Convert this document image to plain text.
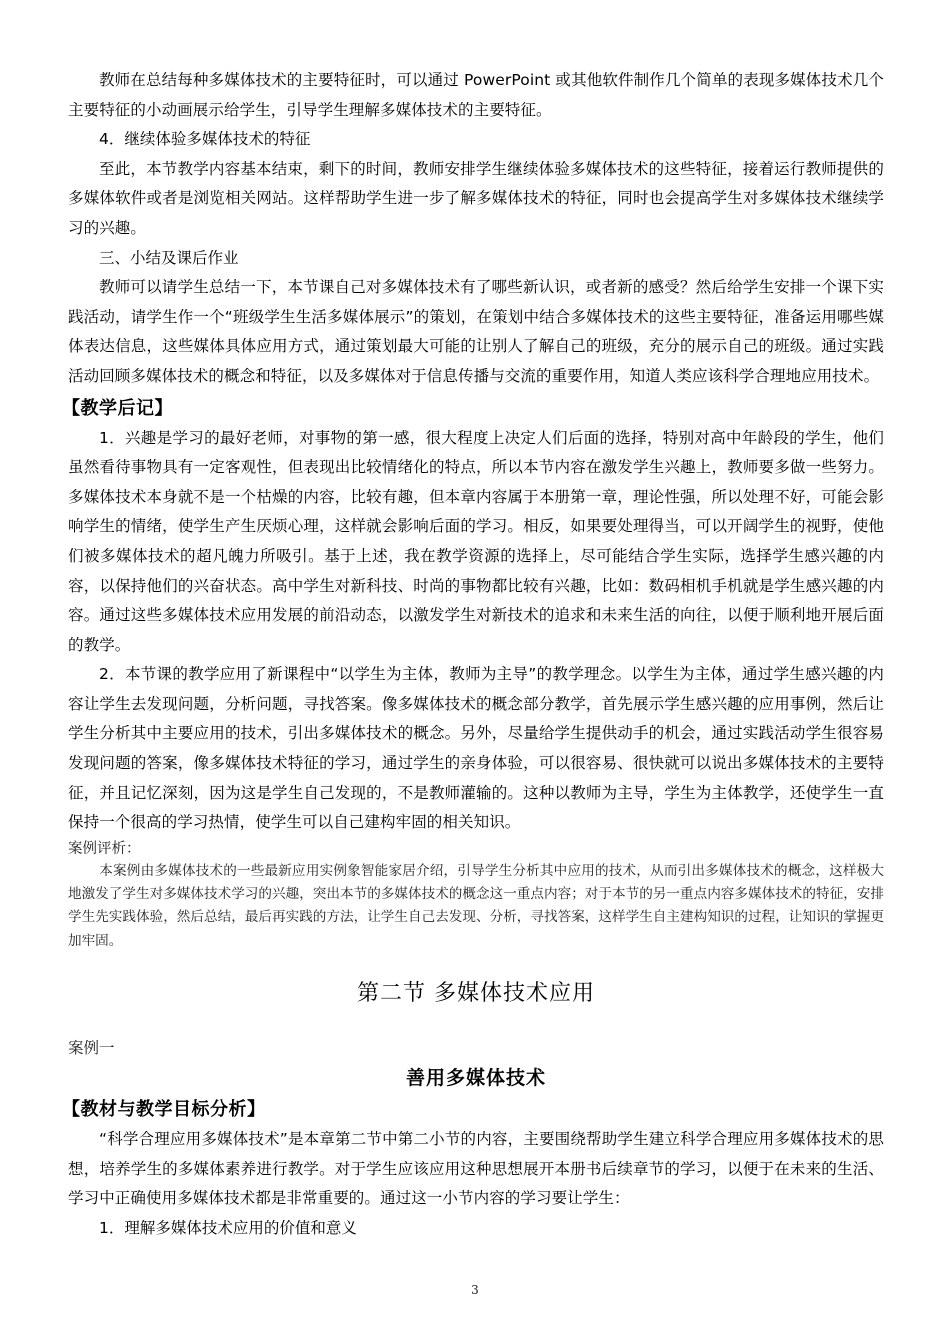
教师在总结每种多媒体技术的主要特征时，可以通过 PowerPoint 或其他软件制作几个简单的表现多媒体技术几个主要特征的小动画展示给学生，引导学生理解多媒体技术的主要特征。

4．继续体验多媒体技术的特征

至此，本节教学内容基本结束，剩下的时间，教师安排学生继续体验多媒体技术的这些特征，接着运行教师提供的多媒体软件或者是浏览相关网站。这样帮助学生进一步了解多媒体技术的特征，同时也会提高学生对多媒体技术继续学习的兴趣。

三、小结及课后作业

教师可以请学生总结一下，本节课自己对多媒体技术有了哪些新认识，或者新的感受？然后给学生安排一个课下实践活动，请学生作一个“班级学生生活多媒体展示”的策划，在策划中结合多媒体技术的这些主要特征，准备运用哪些媒体表达信息，这些媒体具体应用方式，通过策划最大可能的让别人了解自己的班级，充分的展示自己的班级。通过实践活动回顾多媒体技术的概念和特征，以及多媒体对于信息传播与交流的重要作用，知道人类应该科学合理地应用技术。

【教学后记】

1．兴趣是学习的最好老师，对事物的第一感，很大程度上决定人们后面的选择，特别对高中年龄段的学生，他们虽然看待事物具有一定客观性，但表现出比较情绪化的特点，所以本节内容在激发学生兴趣上，教师要多做一些努力。多媒体技术本身就不是一个枯燥的内容，比较有趣，但本章内容属于本册第一章，理论性强，所以处理不好，可能会影响学生的情绪，使学生产生厌烦心理，这样就会影响后面的学习。相反，如果要处理得当，可以开阔学生的视野，使他们被多媒体技术的超凡魄力所吸引。基于上述，我在教学资源的选择上，尽可能结合学生实际，选择学生感兴趣的内容，以保持他们的兴奋状态。高中学生对新科技、时尚的事物都比较有兴趣，比如：数码相机手机就是学生感兴趣的内容。通过这些多媒体技术应用发展的前沿动态，以激发学生对新技术的追求和未来生活的向往，以便于顺利地开展后面的教学。

2．本节课的教学应用了新课程中“以学生为主体，教师为主导”的教学理念。以学生为主体，通过学生感兴趣的内容让学生去发现问题，分析问题，寻找答案。像多媒体技术的概念部分教学，首先展示学生感兴趣的应用事例，然后让学生分析其中主要应用的技术，引出多媒体技术的概念。另外，尽量给学生提供动手的机会，通过实践活动学生很容易发现问题的答案，像多媒体技术特征的学习，通过学生的亲身体验，可以很容易、很快就可以说出多媒体技术的主要特征，并且记忆深刻，因为这是学生自己发现的，不是教师灌输的。这种以教师为主导，学生为主体教学，还使学生一直保持一个很高的学习热情，使学生可以自己建构牢固的相关知识。

案例评析：

本案例由多媒体技术的一些最新应用实例象智能家居介绍，引导学生分析其中应用的技术，从而引出多媒体技术的概念，这样极大地激发了学生对多媒体技术学习的兴趣，突出本节的多媒体技术的概念这一重点内容；对于本节的另一重点内容多媒体技术的特征，安排学生先实践体验，然后总结，最后再实践的方法，让学生自己去发现、分析，寻找答案，这样学生自主建构知识的过程，让知识的掌握更加牢固。

第二节 多媒体技术应用
案例一
善用多媒体技术
【教材与教学目标分析】

“科学合理应用多媒体技术”是本章第二节中第二小节的内容，主要围绕帮助学生建立科学合理应用多媒体技术的思想，培养学生的多媒体素养进行教学。对于学生应该应用这种思想展开本册书后续章节的学习，以便于在未来的生活、学习中正确使用多媒体技术都是非常重要的。通过这一小节内容的学习要让学生：

1．理解多媒体技术应用的价值和意义

3
